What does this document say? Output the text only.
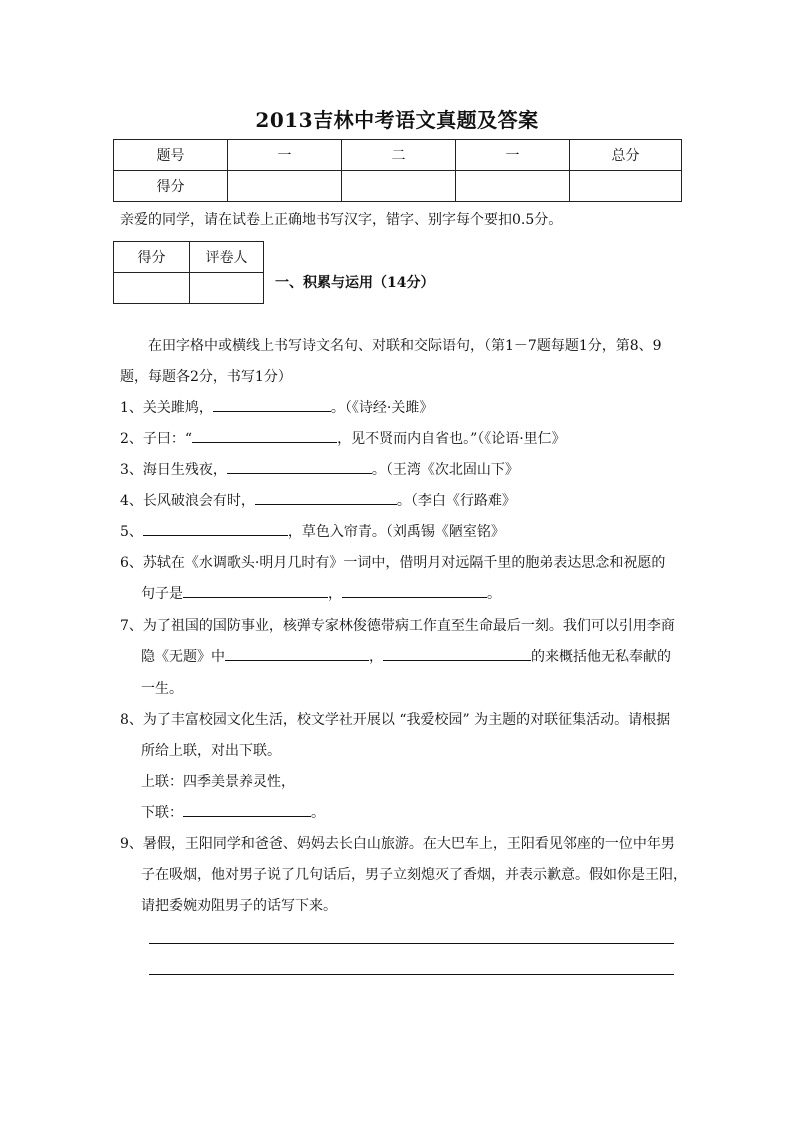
2013吉林中考语文真题及答案
题号	一	二	一	总分
得分				
亲爱的同学，请在试卷上正确地书写汉字，错字、别字每个要扣0.5分。
得分	评卷人

一、积累与运用（14分）
在田字格中或横线上书写诗文名句、对联和交际语句，（第1－7题每题1分，第8、9
题，每题各2分，书写1分）
1、关关雎鸠，	。（《诗经·关雎》
2、子曰：“	，见不贤而内自省也。”（《论语·里仁》
3、海日生残夜，	。（王湾《次北固山下》
4、长风破浪会有时，	。（李白《行路难》
5、	，草色入帘青。（刘禹锡《陋室铭》
6、苏轼在《水调歌头·明月几时有》一词中，借明月对远隔千里的胞弟表达思念和祝愿的
句子是	，	。
7、为了祖国的国防事业，核弹专家林俊德带病工作直至生命最后一刻。我们可以引用李商
隐《无题》中	，	的来概括他无私奉献的
一生。
8、为了丰富校园文化生活，校文学社开展以 “我爱校园” 为主题的对联征集活动。请根据
所给上联，对出下联。
上联：四季美景养灵性，
下联：	。
9、暑假，王阳同学和爸爸、妈妈去长白山旅游。在大巴车上，王阳看见邻座的一位中年男
子在吸烟，他对男子说了几句话后，男子立刻熄灭了香烟，并表示歉意。假如你是王阳，
请把委婉劝阻男子的话写下来。
